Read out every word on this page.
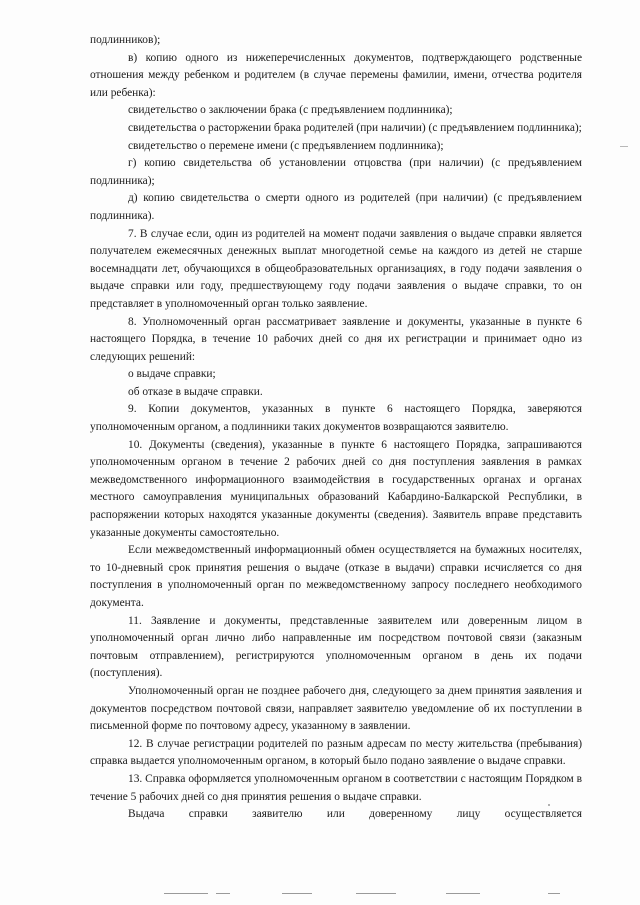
подлинников);

в) копию одного из нижеперечисленных документов, подтверждающего родственные отношения между ребенком и родителем (в случае перемены фамилии, имени, отчества родителя или ребенка):

свидетельство о заключении брака (с предъявлением подлинника);

свидетельства о расторжении брака родителей (при наличии) (с предъявлением подлинника);

свидетельство о перемене имени (с предъявлением подлинника);

г) копию свидетельства об установлении отцовства (при наличии) (с предъявлением подлинника);

д) копию свидетельства о смерти одного из родителей (при наличии) (с предъявлением подлинника).

7. В случае если, один из родителей на момент подачи заявления о выдаче справки является получателем ежемесячных денежных выплат многодетной семье на каждого из детей не старше восемнадцати лет, обучающихся в общеобразовательных организациях, в году подачи заявления о выдаче справки или году, предшествующему году подачи заявления о выдаче справки, то он представляет в уполномоченный орган только заявление.

8. Уполномоченный орган рассматривает заявление и документы, указанные в пункте 6 настоящего Порядка, в течение 10 рабочих дней со дня их регистрации и принимает одно из следующих решений:

о выдаче справки;

об отказе в выдаче справки.

9. Копии документов, указанных в пункте 6 настоящего Порядка, заверяются уполномоченным органом, а подлинники таких документов возвращаются заявителю.

10. Документы (сведения), указанные в пункте 6 настоящего Порядка, запрашиваются уполномоченным органом в течение 2 рабочих дней со дня поступления заявления в рамках межведомственного информационного взаимодействия в государственных органах и органах местного самоуправления муниципальных образований Кабардино-Балкарской Республики, в распоряжении которых находятся указанные документы (сведения). Заявитель вправе представить указанные документы самостоятельно.

Если межведомственный информационный обмен осуществляется на бумажных носителях, то 10-дневный срок принятия решения о выдаче (отказе в выдачи) справки исчисляется со дня поступления в уполномоченный орган по межведомственному запросу последнего необходимого документа.

11. Заявление и документы, представленные заявителем или доверенным лицом в уполномоченный орган лично либо направленные им посредством почтовой связи (заказным почтовым отправлением), регистрируются уполномоченным органом в день их подачи (поступления).

Уполномоченный орган не позднее рабочего дня, следующего за днем принятия заявления и документов посредством почтовой связи, направляет заявителю уведомление об их поступлении в письменной форме по почтовому адресу, указанному в заявлении.

12. В случае регистрации родителей по разным адресам по месту жительства (пребывания) справка выдается уполномоченным органом, в который было подано заявление о выдаче справки.

13. Справка оформляется уполномоченным органом в соответствии с настоящим Порядком в течение 5 рабочих дней со дня принятия решения о выдаче справки.

Выдача справки заявителю или доверенному лицу осуществляется
